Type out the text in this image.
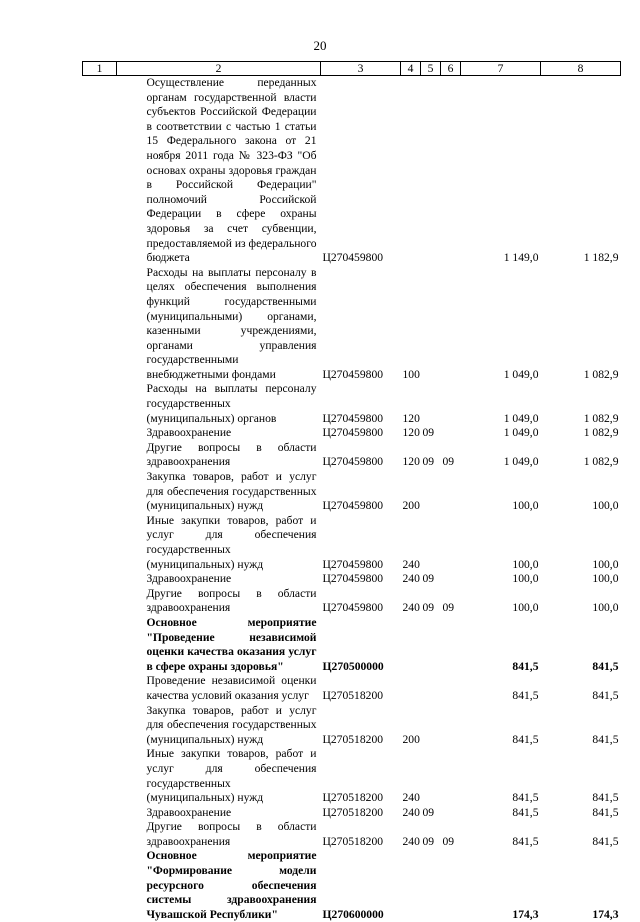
20
1	2	3	4	5	6	7	8
	Осуществление переданных органам государственной власти субъектов Российской Федерации в соответствии с частью 1 статьи 15 Федерального закона от 21 ноября 2011 года № 323-ФЗ "Об основах охраны здоровья граждан в Российской Федерации" полномочий Российской Федерации в сфере охраны здоровья за счет субвенции, предоставляемой из федерального бюджета	Ц270459800				1 149,0	1 182,9
	Расходы на выплаты персоналу в целях обеспечения выполнения функций государственными (муниципальными) органами, казенными учреждениями, органами управления государственными внебюджетными фондами	Ц270459800	100			1 049,0	1 082,9
	Расходы на выплаты персоналу государственных (муниципальных) органов	Ц270459800	120			1 049,0	1 082,9
	Здравоохранение	Ц270459800	120	09		1 049,0	1 082,9
	Другие вопросы в области здравоохранения	Ц270459800	120	09	09	1 049,0	1 082,9
	Закупка товаров, работ и услуг для обеспечения государственных (муниципальных) нужд	Ц270459800	200			100,0	100,0
	Иные закупки товаров, работ и услуг для обеспечения государственных (муниципальных) нужд	Ц270459800	240			100,0	100,0
	Здравоохранение	Ц270459800	240	09		100,0	100,0
	Другие вопросы в области здравоохранения	Ц270459800	240	09	09	100,0	100,0
	Основное мероприятие "Проведение независимой оценки качества оказания услуг в сфере охраны здоровья"	Ц270500000				841,5	841,5
	Проведение независимой оценки качества условий оказания услуг	Ц270518200				841,5	841,5
	Закупка товаров, работ и услуг для обеспечения государственных (муниципальных) нужд	Ц270518200	200			841,5	841,5
	Иные закупки товаров, работ и услуг для обеспечения государственных (муниципальных) нужд	Ц270518200	240			841,5	841,5
	Здравоохранение	Ц270518200	240	09		841,5	841,5
	Другие вопросы в области здравоохранения	Ц270518200	240	09	09	841,5	841,5
	Основное мероприятие "Формирование модели ресурсного обеспечения системы здравоохранения Чувашской Республики"	Ц270600000				174,3	174,3
